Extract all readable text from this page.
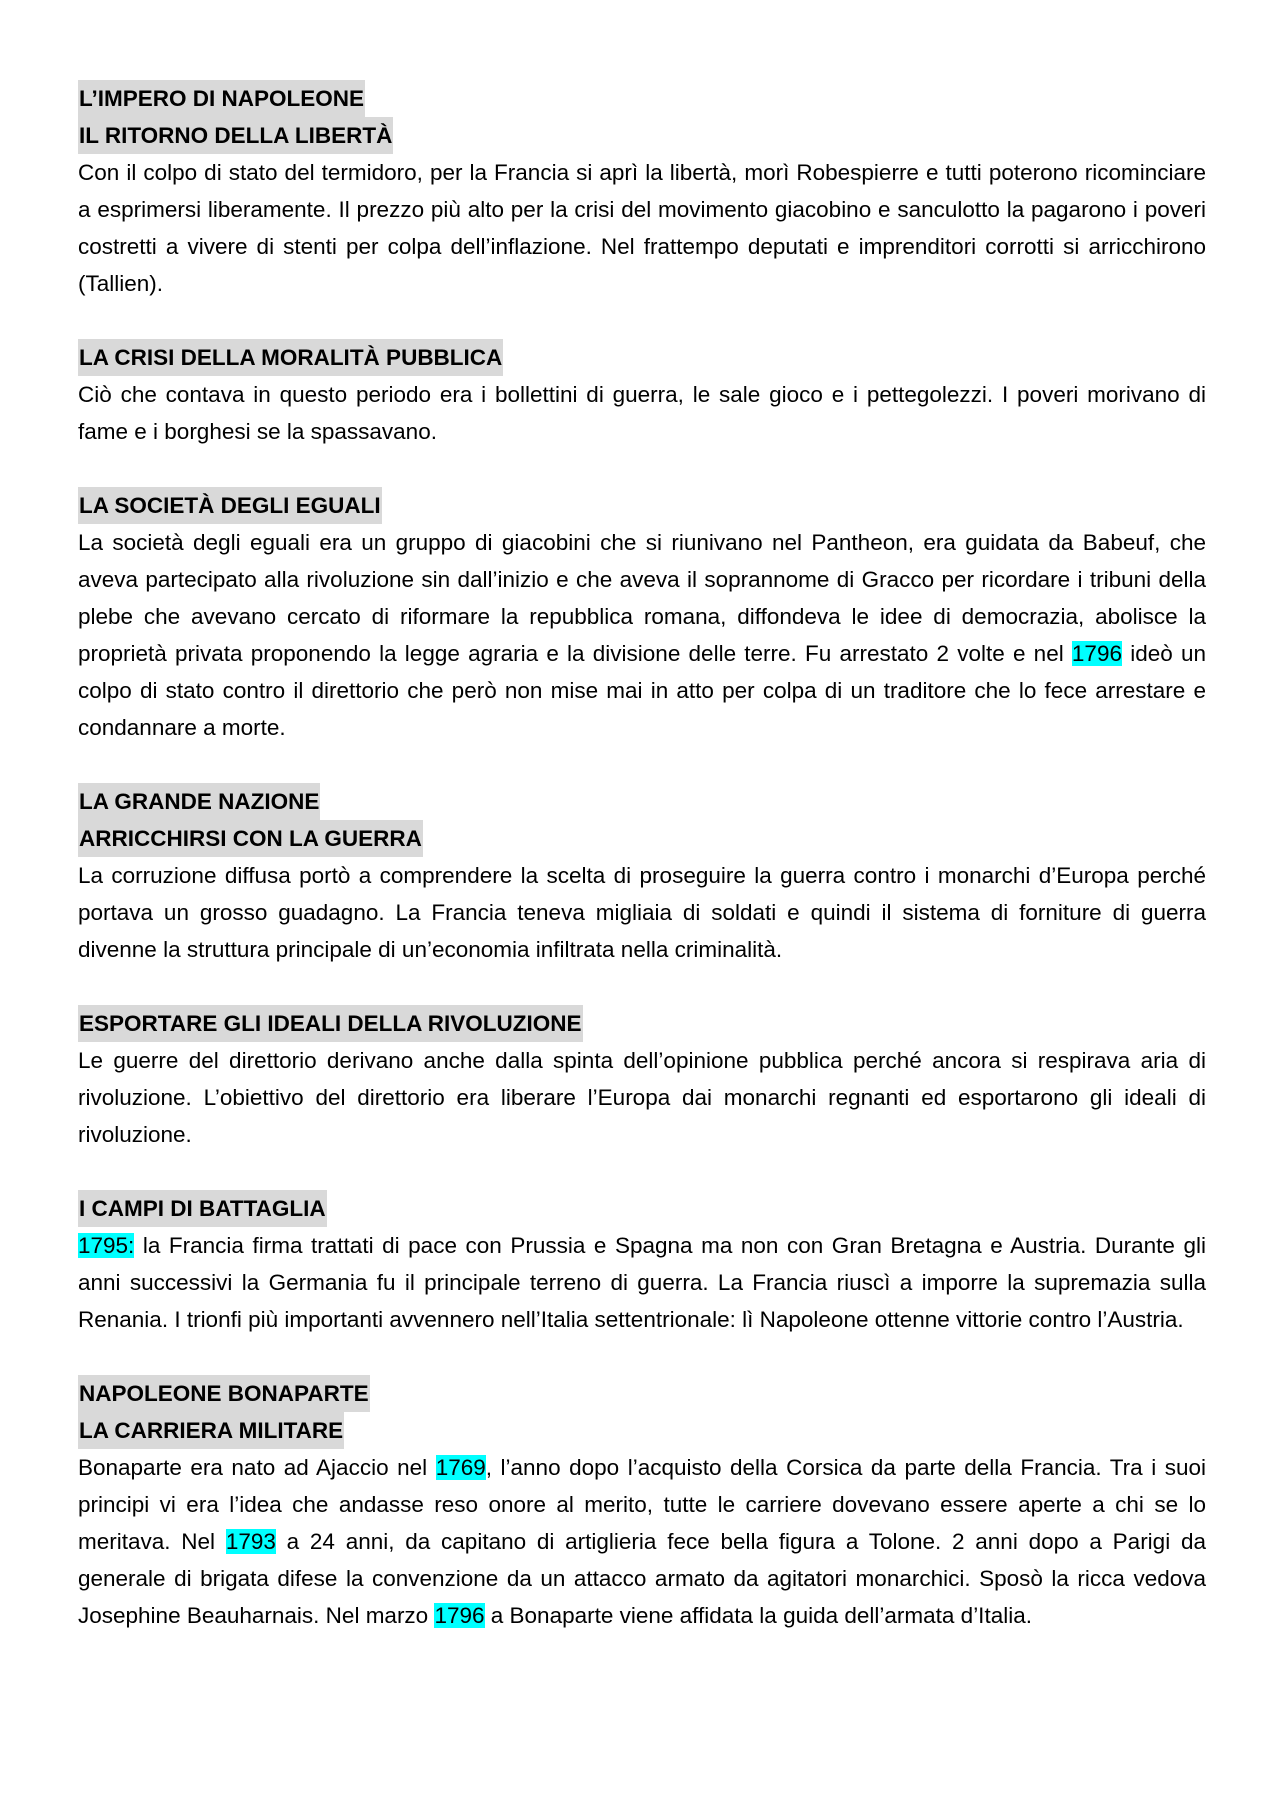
L’IMPERO DI NAPOLEONE
IL RITORNO DELLA LIBERTÀ

Con il colpo di stato del termidoro, per la Francia si aprì la libertà, morì Robespierre e tutti poterono ricominciare a esprimersi liberamente. Il prezzo più alto per la crisi del movimento giacobino e sanculotto la pagarono i poveri costretti a vivere di stenti per colpa dell’inflazione. Nel frattempo deputati e imprenditori corrotti si arricchirono (Tallien).

LA CRISI DELLA MORALITÀ PUBBLICA

Ciò che contava in questo periodo era i bollettini di guerra, le sale gioco e i pettegolezzi. I poveri morivano di fame e i borghesi se la spassavano.

LA SOCIETÀ DEGLI EGUALI

La società degli eguali era un gruppo di giacobini che si riunivano nel Pantheon, era guidata da Babeuf, che aveva partecipato alla rivoluzione sin dall’inizio e che aveva il soprannome di Gracco per ricordare i tribuni della plebe che avevano cercato di riformare la repubblica romana, diffondeva le idee di democrazia, abolisce la proprietà privata proponendo la legge agraria e la divisione delle terre. Fu arrestato 2 volte e nel 1796 ideò un colpo di stato contro il direttorio che però non mise mai in atto per colpa di un traditore che lo fece arrestare e condannare a morte.

LA GRANDE NAZIONE
ARRICCHIRSI CON LA GUERRA

La corruzione diffusa portò a comprendere la scelta di proseguire la guerra contro i monarchi d’Europa perché portava un grosso guadagno. La Francia teneva migliaia di soldati e quindi il sistema di forniture di guerra divenne la struttura principale di un’economia infiltrata nella criminalità.

ESPORTARE GLI IDEALI DELLA RIVOLUZIONE

Le guerre del direttorio derivano anche dalla spinta dell’opinione pubblica perché ancora si respirava aria di rivoluzione. L’obiettivo del direttorio era liberare l’Europa dai monarchi regnanti ed esportarono gli ideali di rivoluzione.

I CAMPI DI BATTAGLIA

1795: la Francia firma trattati di pace con Prussia e Spagna ma non con Gran Bretagna e Austria. Durante gli anni successivi la Germania fu il principale terreno di guerra. La Francia riuscì a imporre la supremazia sulla Renania. I trionfi più importanti avvennero nell’Italia settentrionale: lì Napoleone ottenne vittorie contro l’Austria.

NAPOLEONE BONAPARTE
LA CARRIERA MILITARE

Bonaparte era nato ad Ajaccio nel 1769, l’anno dopo l’acquisto della Corsica da parte della Francia. Tra i suoi principi vi era l’idea che andasse reso onore al merito, tutte le carriere dovevano essere aperte a chi se lo meritava. Nel 1793 a 24 anni, da capitano di artiglieria fece bella figura a Tolone. 2 anni dopo a Parigi da generale di brigata difese la convenzione da un attacco armato da agitatori monarchici. Sposò la ricca vedova Josephine Beauharnais. Nel marzo 1796 a Bonaparte viene affidata la guida dell’armata d’Italia.
